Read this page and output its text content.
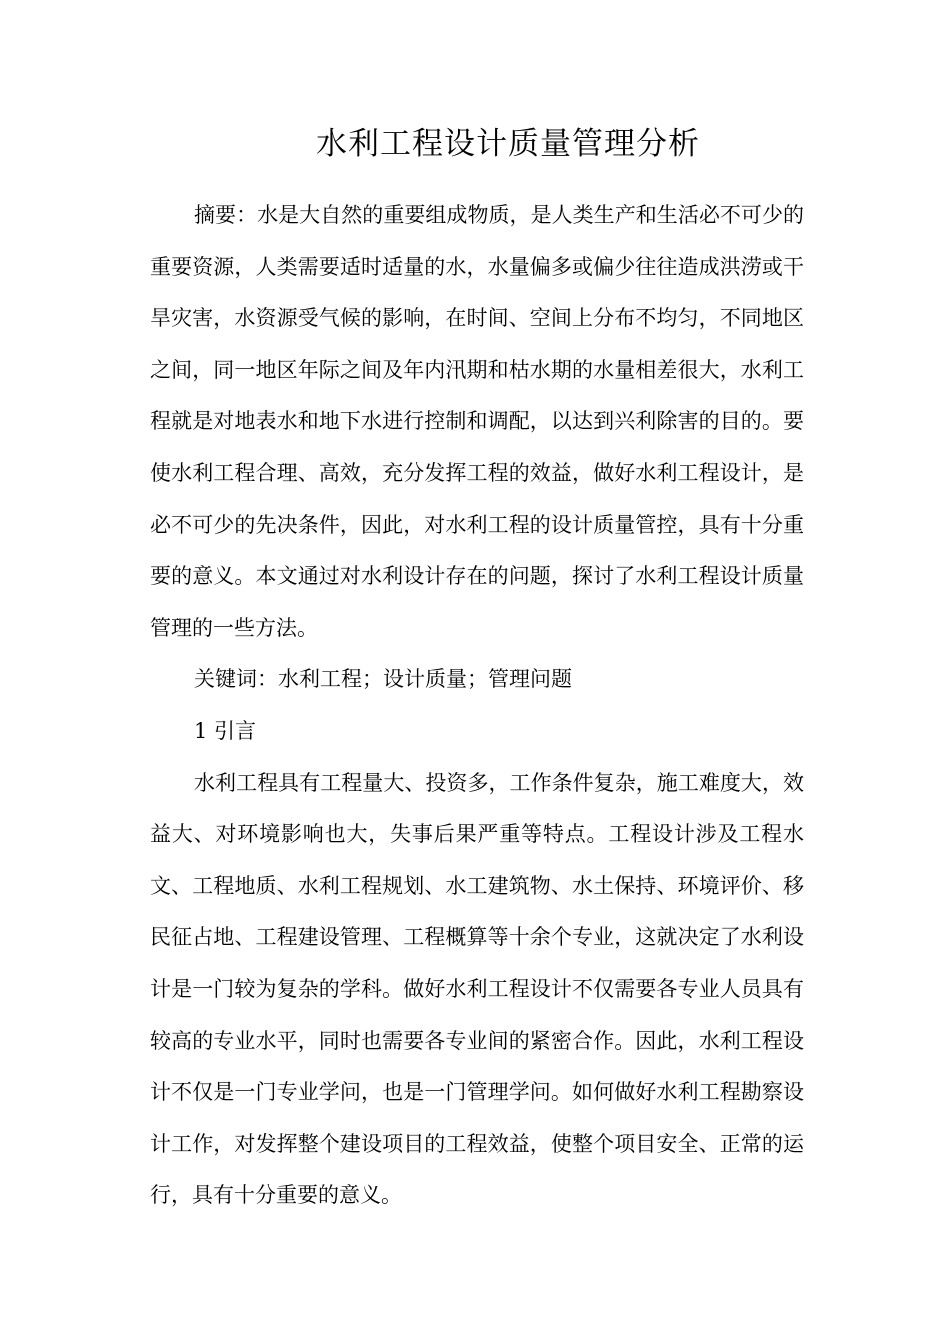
水利工程设计质量管理分析

摘要：水是大自然的重要组成物质，是人类生产和生活必不可少的重要资源，人类需要适时适量的水，水量偏多或偏少往往造成洪涝或干旱灾害，水资源受气候的影响，在时间、空间上分布不均匀，不同地区之间，同一地区年际之间及年内汛期和枯水期的水量相差很大，水利工程就是对地表水和地下水进行控制和调配，以达到兴利除害的目的。要使水利工程合理、高效，充分发挥工程的效益，做好水利工程设计，是必不可少的先决条件，因此，对水利工程的设计质量管控，具有十分重要的意义。本文通过对水利设计存在的问题，探讨了水利工程设计质量管理的一些方法。

关键词：水利工程；设计质量；管理问题

1 引言

水利工程具有工程量大、投资多，工作条件复杂，施工难度大，效益大、对环境影响也大，失事后果严重等特点。工程设计涉及工程水文、工程地质、水利工程规划、水工建筑物、水土保持、环境评价、移民征占地、工程建设管理、工程概算等十余个专业，这就决定了水利设计是一门较为复杂的学科。做好水利工程设计不仅需要各专业人员具有较高的专业水平，同时也需要各专业间的紧密合作。因此，水利工程设计不仅是一门专业学问，也是一门管理学问。如何做好水利工程勘察设计工作，对发挥整个建设项目的工程效益，使整个项目安全、正常的运行，具有十分重要的意义。
